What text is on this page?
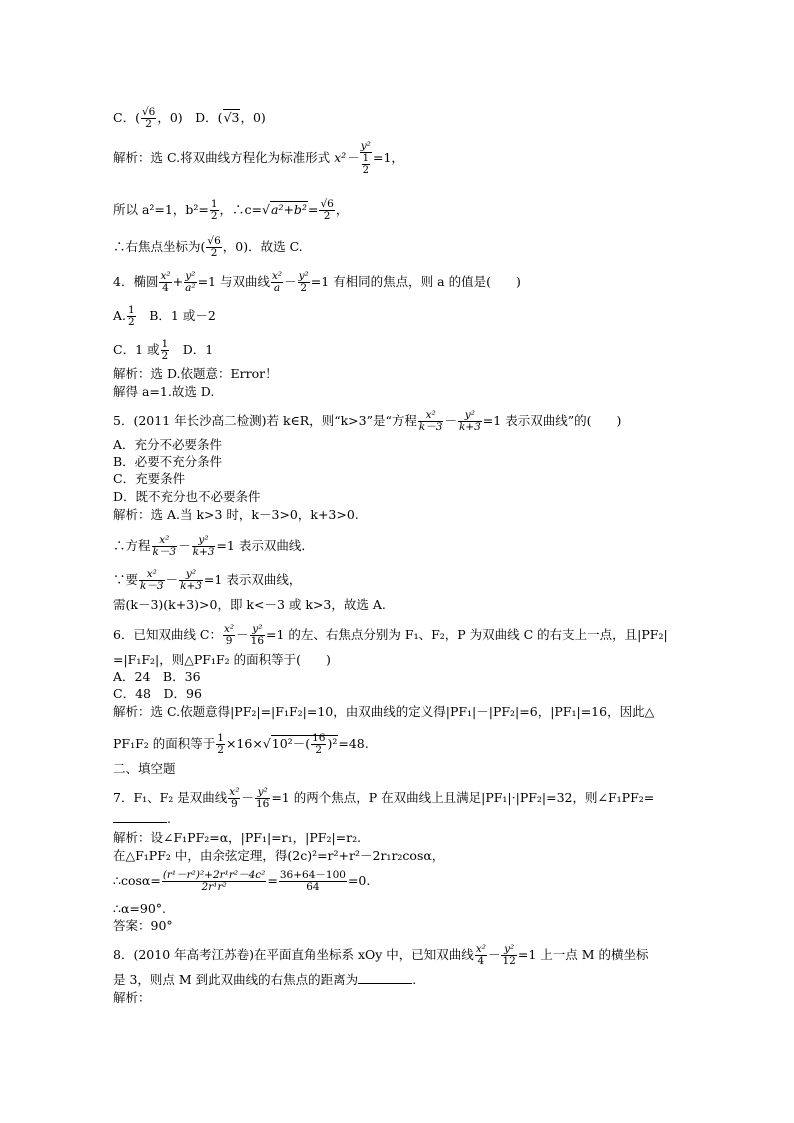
C．( $\frac{√6}{2}$ ，0)　D．(√3，0)
解析：选 C.将双曲线方程化为标准形式 $x^2- \frac{\text{y²}}{\frac{1}{2}} =1$，
所以 a²=1，$b^2= \frac{1}{2}$ ，∴c=√a²+b²= $\frac{√6}{2}$ ，
∴右焦点坐标为( $\frac{√6}{2}$ ，0)．故选 C.
4．椭圆 $\frac{\text{x²}}{4} + \frac{\text{y²}}{\text{a²}} =1$ 与双曲线 $\frac{\text{x²}}{a} - \frac{\text{y²}}{2} =1$ 有相同的焦点，则 a 的值是(　　)
A. $\frac{1}{2}$ 　B．1 或－2
C．1 或 $\frac{1}{2}$ 　D．1
解析：选 D.依题意：Error！
解得 a=1.故选 D.
5．(2011 年长沙高二检测)若 k∈R，则“k>3”是“方程 $\frac{\text{x²}}{k-3} - \frac{\text{y²}}{k+3} =1$ 表示双曲线”的(　　)
A．充分不必要条件
B．必要不充分条件
C．充要条件
D．既不充分也不必要条件
解析：选 A.当 k>3 时，k－3>0，k+3>0.
∴方程 $\frac{\text{x²}}{k-3} - \frac{\text{y²}}{k+3} =1$ 表示双曲线．
∵要 $\frac{\text{x²}}{k-3} - \frac{\text{y²}}{k+3} =1$ 表示双曲线，
需(k－3)(k+3)>0，即 k<－3 或 k>3，故选 A.
6．已知双曲线 C： $\frac{\text{x²}}{9} - \frac{\text{y²}}{16} =1$ 的左、右焦点分别为 F₁、F₂，P 为双曲线 C 的右支上一点，且|PF₂|
=|F₁F₂|，则△PF₁F₂ 的面积等于(　　)
A．24　B．36
C．48　D．96
解析：选 C.依题意得|PF₂|=|F₁F₂|=10，由双曲线的定义得|PF₁|－|PF₂|=6，|PF₁|=16，因此△
PF₁F₂ 的面积等于 $\frac{1}{2} \times 16\times√10^2-( \frac{16}{2} )^2=48$.
二、填空题
7．F₁、F₂ 是双曲线 $\frac{\text{x²}}{9} - \frac{\text{y²}}{16} =1$ 的两个焦点，P 在双曲线上且满足|PF₁|·|PF₂|=32，则∠F₁PF₂=
.
解析：设∠F₁PF₂=α，|PF₁|=r₁，|PF₂|=r₂.
在△F₁PF₂ 中，由余弦定理，得(2c)²=r²+r²－2r₁r₂cosα，
∴cosα= $\frac{\text{(r¹－r²)²+2r¹r²－4c²}}{\text{2r¹r²}} = \frac{36+64-100}{64} =0$.
∴α=90°.
答案：90°
8．(2010 年高考江苏卷)在平面直角坐标系 xOy 中，已知双曲线 $\frac{\text{x²}}{4} - \frac{\text{y²}}{12} =1$ 上一点 M 的横坐标
是 3，则点 M 到此双曲线的右焦点的距离为	.
解析：
